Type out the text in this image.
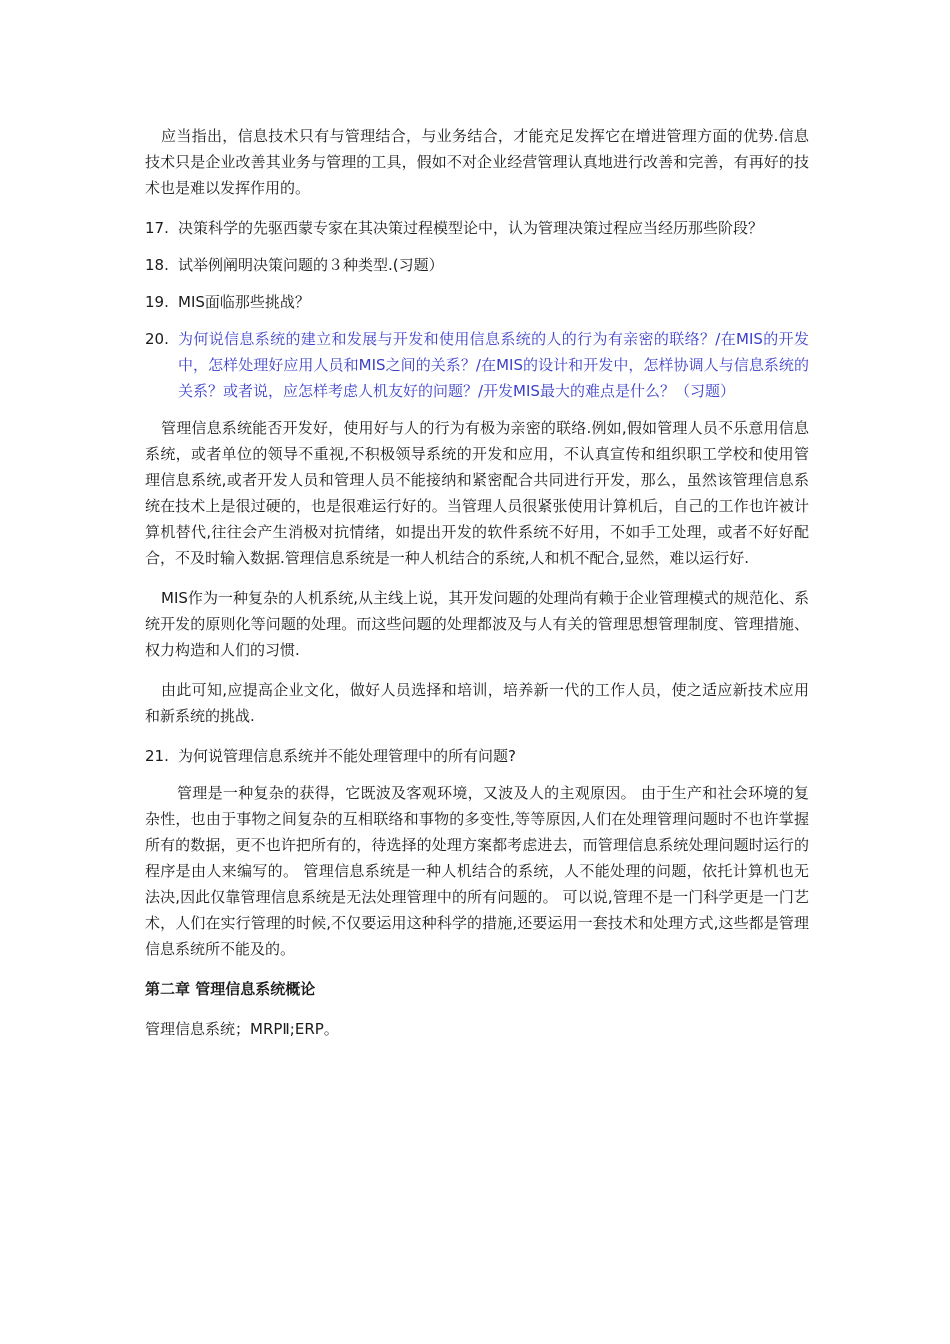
应当指出，信息技术只有与管理结合，与业务结合，才能充足发挥它在增进管理方面的优势.信息技术只是企业改善其业务与管理的工具，假如不对企业经营管理认真地进行改善和完善，有再好的技术也是难以发挥作用的。

17. 决策科学的先驱西蒙专家在其决策过程模型论中，认为管理决策过程应当经历那些阶段？
18. 试举例阐明决策问题的３种类型.(习题）
19. MIS面临那些挑战？
20. 为何说信息系统的建立和发展与开发和使用信息系统的人的行为有亲密的联络？/在MIS的开发中，怎样处理好应用人员和MIS之间的关系？/在MIS的设计和开发中，怎样协调人与信息系统的关系？或者说，应怎样考虑人机友好的问题？/开发MIS最大的难点是什么？（习题）

管理信息系统能否开发好，使用好与人的行为有极为亲密的联络.例如,假如管理人员不乐意用信息系统，或者单位的领导不重视,不积极领导系统的开发和应用，不认真宣传和组织职工学校和使用管理信息系统,或者开发人员和管理人员不能接纳和紧密配合共同进行开发，那么，虽然该管理信息系统在技术上是很过硬的，也是很难运行好的。当管理人员很紧张使用计算机后，自己的工作也许被计算机替代,往往会产生消极对抗情绪，如提出开发的软件系统不好用，不如手工处理，或者不好好配合，不及时输入数据.管理信息系统是一种人机结合的系统,人和机不配合,显然，难以运行好.

MIS作为一种复杂的人机系统,从主线上说，其开发问题的处理尚有赖于企业管理模式的规范化、系统开发的原则化等问题的处理。而这些问题的处理都波及与人有关的管理思想管理制度、管理措施、权力构造和人们的习惯.

由此可知,应提高企业文化，做好人员选择和培训，培养新一代的工作人员，使之适应新技术应用和新系统的挑战.

21. 为何说管理信息系统并不能处理管理中的所有问题?

管理是一种复杂的获得，它既波及客观环境，又波及人的主观原因。 由于生产和社会环境的复杂性，也由于事物之间复杂的互相联络和事物的多变性,等等原因,人们在处理管理问题时不也许掌握所有的数据，更不也许把所有的，待选择的处理方案都考虑进去，而管理信息系统处理问题时运行的程序是由人来编写的。 管理信息系统是一种人机结合的系统，人不能处理的问题，依托计算机也无法决,因此仅靠管理信息系统是无法处理管理中的所有问题的。 可以说,管理不是一门科学更是一门艺术，人们在实行管理的时候,不仅要运用这种科学的措施,还要运用一套技术和处理方式,这些都是管理信息系统所不能及的。

第二章 管理信息系统概论

管理信息系统；MRPⅡ;ERP。
